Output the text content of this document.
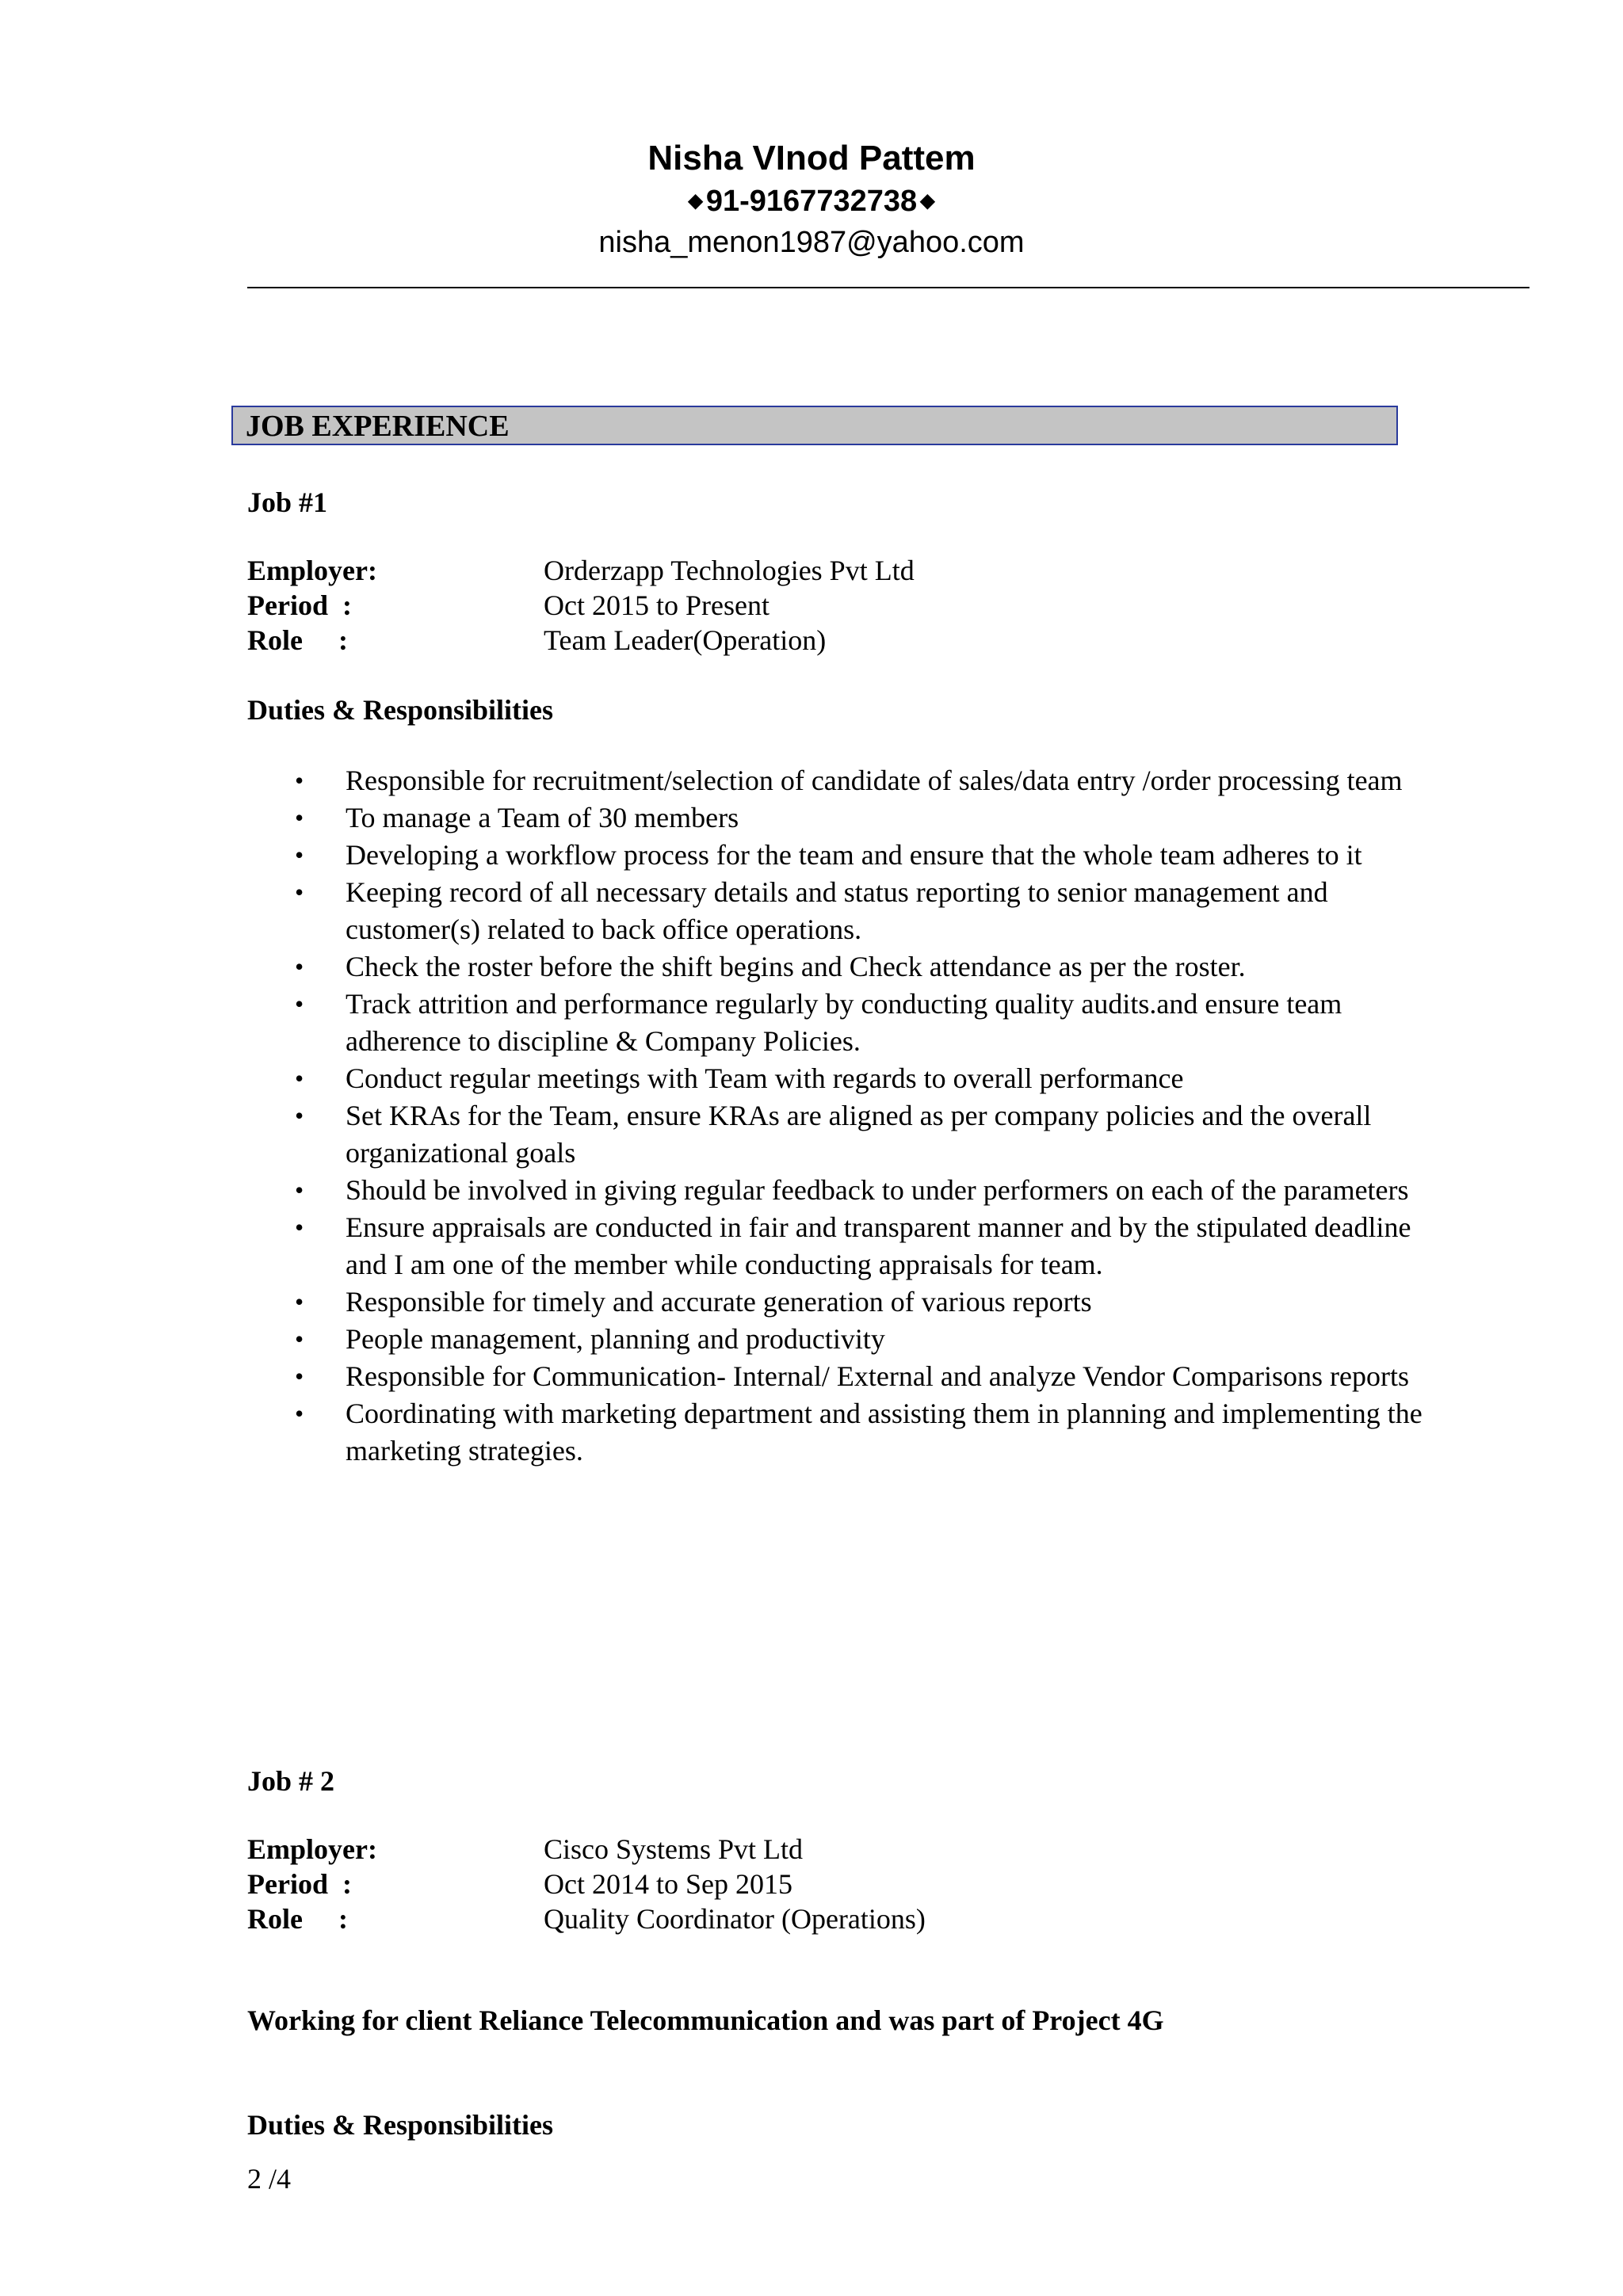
Nisha VInod Pattem
◆ 91-9167732738 ◆
nisha_menon1987@yahoo.com
JOB EXPERIENCE
Job #1
Employer:	Orderzapp Technologies Pvt Ltd
Period  :	Oct 2015 to Present
Role     :	Team Leader(Operation)
Duties & Responsibilities
• Responsible for recruitment/selection of candidate of sales/data entry /order processing team
• To manage a Team of 30 members
• Developing a workflow process for the team and ensure that the whole team adheres to it
• Keeping record of all necessary details and status reporting to senior management and customer(s) related to back office operations.
• Check the roster before the shift begins and Check attendance as per the roster.
• Track attrition and performance regularly by conducting quality audits.and ensure team adherence to discipline & Company Policies.
• Conduct regular meetings with Team with regards to overall performance
• Set KRAs for the Team, ensure KRAs are aligned as per company policies and the overall organizational goals
• Should be involved in giving regular feedback to under performers on each of the parameters
• Ensure appraisals are conducted in fair and transparent manner and by the stipulated deadline and I am one of the member while conducting appraisals for team.
• Responsible for timely and accurate generation of various reports
• People management, planning and productivity
• Responsible for Communication- Internal/ External and analyze Vendor Comparisons reports
• Coordinating with marketing department and assisting them in planning and implementing the marketing strategies.
Job # 2
Employer:	Cisco Systems Pvt Ltd
Period  :	Oct 2014 to Sep 2015
Role     :	Quality Coordinator (Operations)
Working for client Reliance Telecommunication and was part of Project 4G
Duties & Responsibilities
2 /4
